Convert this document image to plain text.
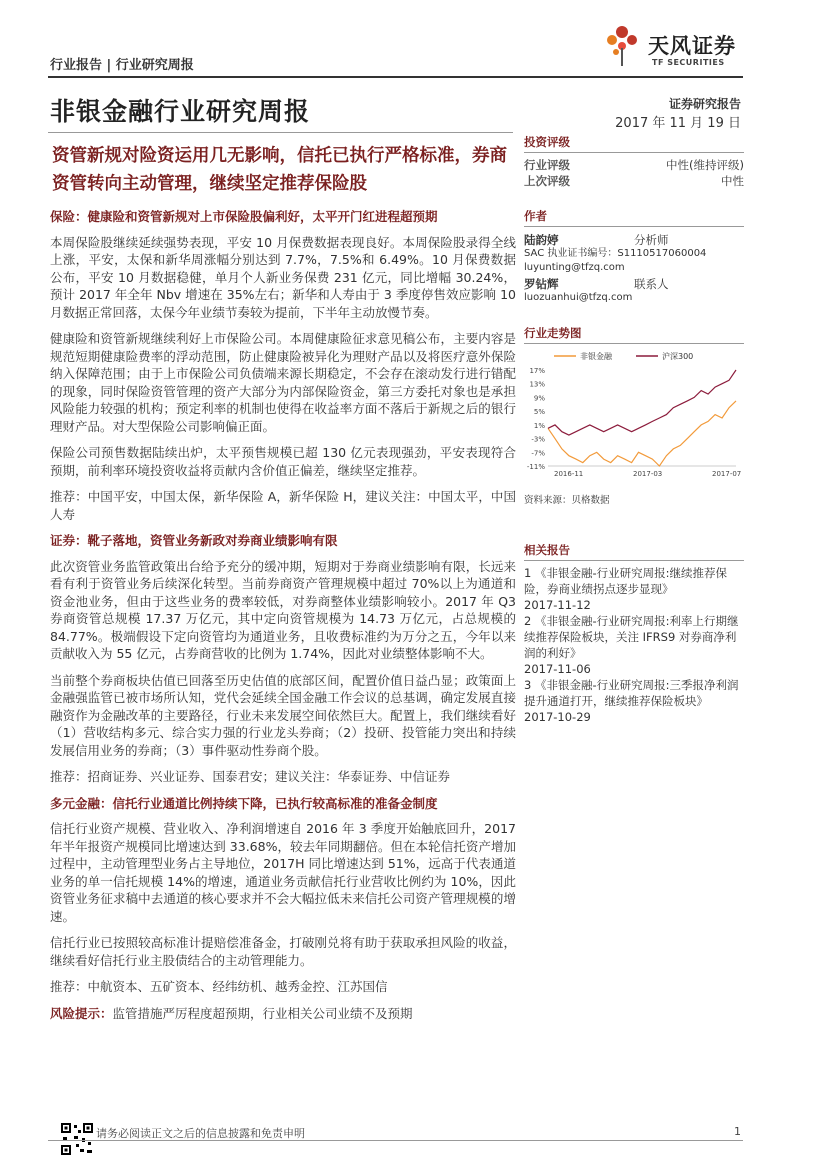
行业报告 | 行业研究周报
天风证券
TF SECURITIES
非银金融行业研究周报	证券研究报告
2017 年 11 月 19 日
资管新规对险资运用几无影响，信托已执行严格标准，券商资管转向主动管理，继续坚定推荐保险股

保险：健康险和资管新规对上市保险股偏利好，太平开门红进程超预期

本周保险股继续延续强势表现，平安 10 月保费数据表现良好。本周保险股录得全线上涨，平安，太保和新华周涨幅分别达到 7.7%，7.5%和 6.49%。10 月保费数据公布，平安 10 月数据稳健，单月个人新业务保费 231 亿元，同比增幅 30.24%，预计 2017 年全年 Nbv 增速在 35%左右；新华和人寿由于 3 季度停售效应影响 10 月数据正常回落，太保今年业绩节奏较为提前，下半年主动放慢节奏。

健康险和资管新规继续利好上市保险公司。本周健康险征求意见稿公布，主要内容是规范短期健康险费率的浮动范围，防止健康险被异化为理财产品以及将医疗意外保险纳入保障范围；由于上市保险公司负债端来源长期稳定，不会存在滚动发行进行错配的现象，同时保险资管管理的资产大部分为内部保险资金，第三方委托对象也是承担风险能力较强的机构；预定利率的机制也使得在收益率方面不落后于新规之后的银行理财产品。对大型保险公司影响偏正面。

保险公司预售数据陆续出炉，太平预售规模已超 130 亿元表现强劲，平安表现符合预期，前利率环境投资收益将贡献内含价值正偏差，继续坚定推荐。

推荐：中国平安，中国太保，新华保险 A，新华保险 H，建议关注：中国太平，中国人寿

证券：靴子落地，资管业务新政对券商业绩影响有限

此次资管业务监管政策出台给予充分的缓冲期，短期对于券商业绩影响有限，长远来看有利于资管业务后续深化转型。当前券商资产管理规模中超过 70%以上为通道和资金池业务，但由于这些业务的费率较低，对券商整体业绩影响较小。2017 年 Q3 券商资管总规模 17.37 万亿元，其中定向资管规模为 14.73 万亿元，占总规模的 84.77%。极端假设下定向资管均为通道业务，且收费标准约为万分之五，今年以来贡献收入为 55 亿元，占券商营收的比例为 1.74%，因此对业绩整体影响不大。

当前整个券商板块估值已回落至历史估值的底部区间，配置价值日益凸显；政策面上金融强监管已被市场所认知，党代会延续全国金融工作会议的总基调，确定发展直接融资作为金融改革的主要路径，行业未来发展空间依然巨大。配置上，我们继续看好（1）营收结构多元、综合实力强的行业龙头券商；（2）投研、投管能力突出和持续发展信用业务的券商；（3）事件驱动性券商个股。

推荐：招商证券、兴业证券、国泰君安；建议关注：华泰证券、中信证券

多元金融：信托行业通道比例持续下降，已执行较高标准的准备金制度

信托行业资产规模、营业收入、净利润增速自 2016 年 3 季度开始触底回升，2017 年半年报资产规模同比增速达到 33.68%，较去年同期翻倍。但在本轮信托资产增加过程中，主动管理型业务占主导地位，2017H 同比增速达到 51%，远高于代表通道业务的单一信托规模 14%的增速，通道业务贡献信托行业营收比例约为 10%，因此资管业务征求稿中去通道的核心要求并不会大幅拉低未来信托公司资产管理规模的增速。

信托行业已按照较高标准计提赔偿准备金，打破刚兑将有助于获取承担风险的收益，继续看好信托行业主股债结合的主动管理能力。

推荐：中航资本、五矿资本、经纬纺机、越秀金控、江苏国信

风险提示：监管措施严厉程度超预期，行业相关公司业绩不及预期

投资评级
行业评级	中性(维持评级)
上次评级	中性
作者
陆韵婷	分析师
SAC 执业证书编号：S1110517060004
luyunting@tfzq.com
罗钻辉	联系人
luozuanhui@tfzq.com
行业走势图
非银金融	沪深300
17%
13%
9%
5%
1%
-3%
-7%
-11%
2016-11	2017-03	2017-07
资料来源：贝格数据
相关报告
1 《非银金融-行业研究周报:继续推荐保险，券商业绩拐点逐步显现》
2017-11-12
2 《非银金融-行业研究周报:利率上行期继续推荐保险板块，关注 IFRS9 对券商净利润的利好》
2017-11-06
3 《非银金融-行业研究周报:三季报净利润提升通道打开，继续推荐保险板块》
2017-10-29
请务必阅读正文之后的信息披露和免责申明	1
